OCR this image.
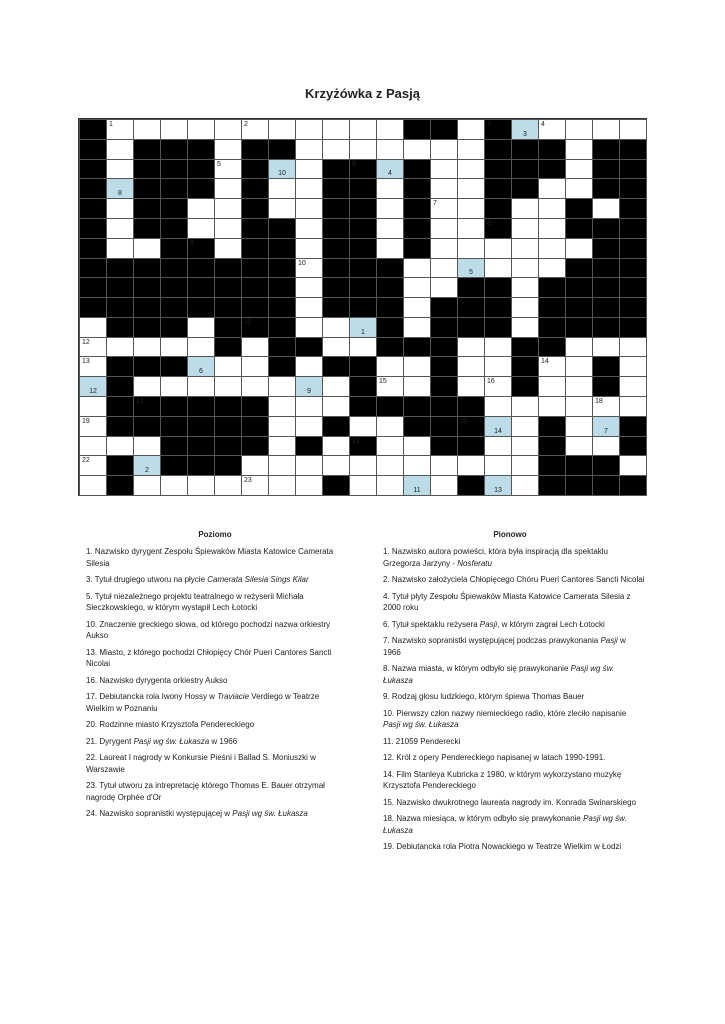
Krzyżówka z Pasją
1	2	3
3
4
5
10
6
4
8
7
8
9
10
5
11
1
12
13
6
14
12	9
15	16
17	18
19	20
14	7
21
22
2
23
11	13
Poziomo
1. Nazwisko dyrygent Zespołu Śpiewaków Miasta Katowice Camerata Silesia
3. Tytuł drugiego utworu na płycie Camerata Silesia Sings Kilar
5. Tytuł niezależnego projektu teatralnego w reżyserii Michała Sieczkowskiego, w którym wystąpił Lech Łotocki
10. Znaczenie greckiego słowa, od którego pochodzi nazwa orkiestry Aukso
13. Miasto, z którego pochodzi Chłopięcy Chór Pueri Cantores Sancti Nicolai
16. Nazwisko dyrygenta orkiestry Aukso
17. Debiutancka rola Iwony Hossy w Traviacie Verdiego w Teatrze Wielkim w Poznaniu
20. Rodzinne miasto Krzysztofa Pendereckiego
21. Dyrygent Pasji wg św. Łukasza w 1966
22. Laureat I nagrody w Konkursie Pieśni i Ballad S. Moniuszki w Warszawie
23. Tytuł utworu za intrepretację którego Thomas E. Bauer otrzymał nagrodę Orphée d'Or
24. Nazwisko sopranistki występującej w Pasji wg św. Łukasza
Pionowo
1. Nazwisko autora powieści, która była inspiracją dla spektaklu Grzegorza Jarzyny - Nosferatu
2. Nazwisko założyciela Chłopięcego Chóru Pueri Cantores Sancti Nicolai
4. Tytuł płyty Zespołu Śpiewaków Miasta Katowice Camerata Silesia z 2000 roku
6. Tytuł spektaklu reżysera Pasji, w którym zagrał Lech Łotocki
7. Nazwisko sopranistki występującej podczas prawykonania Pasji w 1966
8. Nazwa miasta, w którym odbyło się prawykonanie Pasji wg św. Łukasza
9. Rodzaj głosu ludzkiego, którym śpiewa Thomas Bauer
10. Pierwszy człon nazwy niemieckiego radio, które zleciło napisanie Pasji wg św. Łukasza
11. 21059 Penderecki
12. Król z opery Pendereckiego napisanej w latach 1990-1991.
14. Film Stanleya Kubricka z 1980, w którym wykorzystano muzykę Krzysztofa Pendereckiego
15. Nazwisko dwukrotnego laureata nagrody im. Konrada Swinarskiego
18. Nazwa miesiąca, w którym odbyło się prawykonanie Pasji wg św. Łukasza
19. Debiutancka rola Piotra Nowackiego w Teatrze Wielkim w Łodzi
